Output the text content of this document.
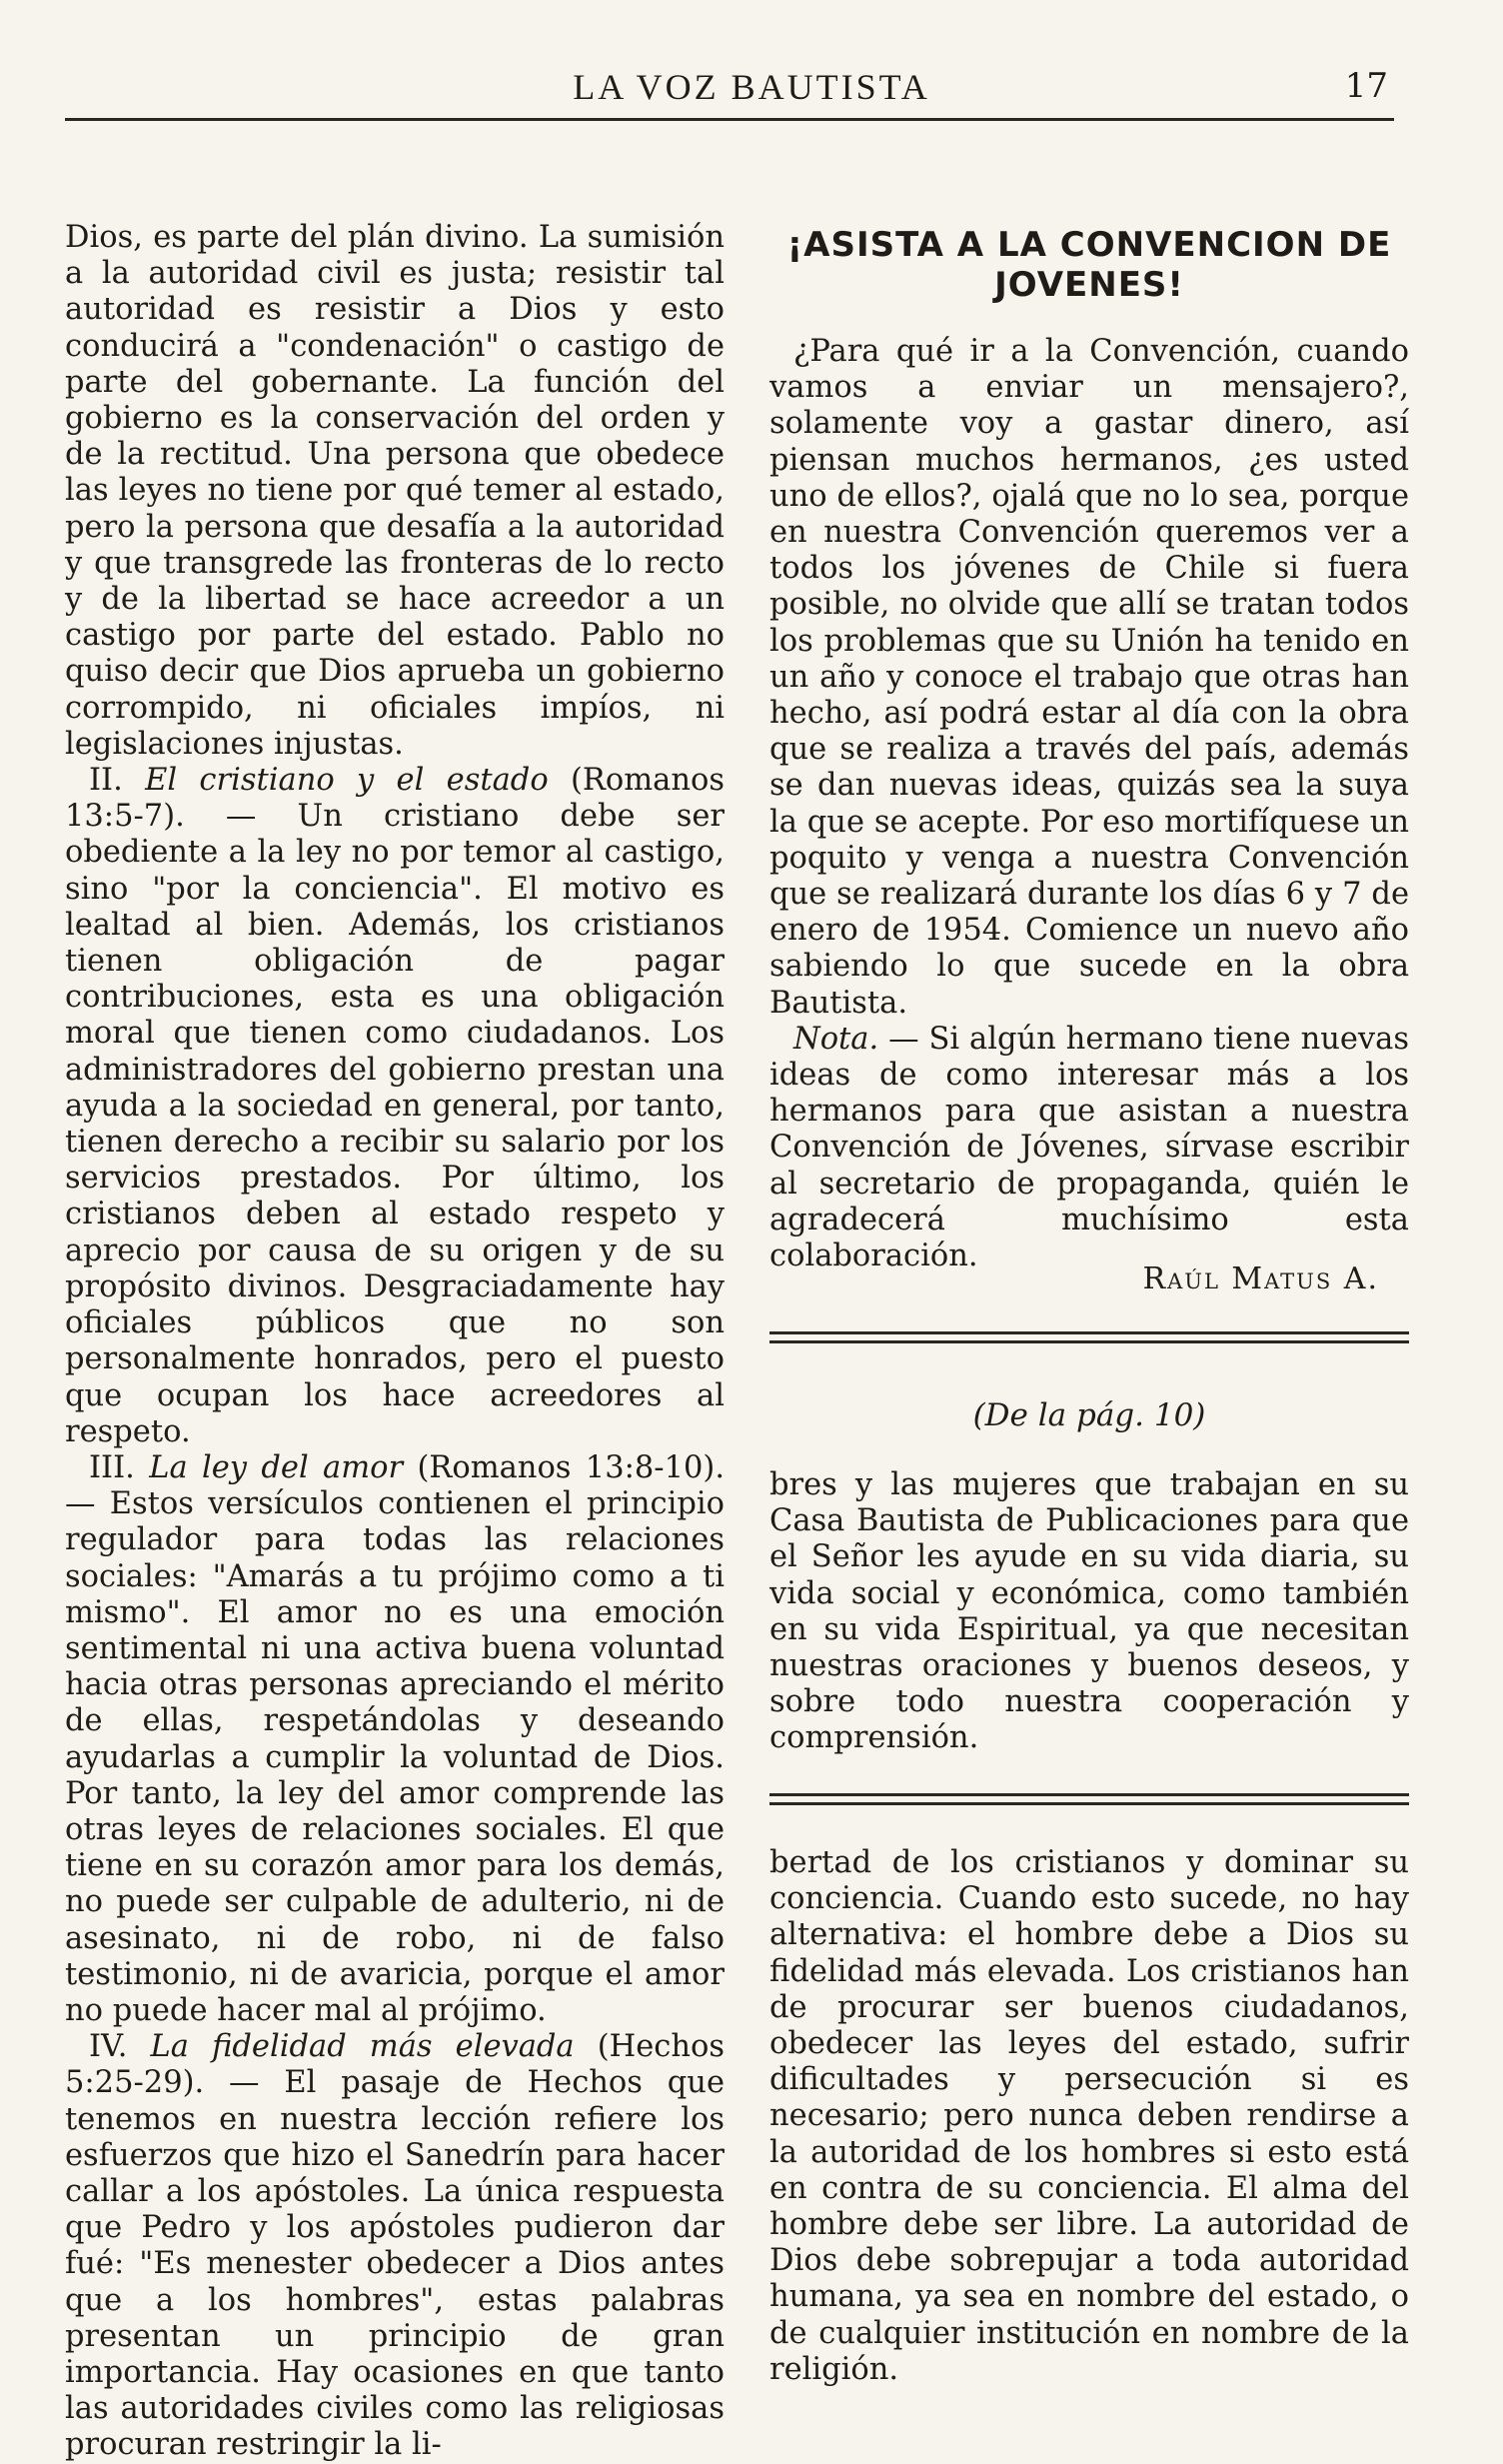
LA VOZ BAUTISTA	17

Dios, es parte del plán divino. La sumisión a la autoridad civil es justa; resistir tal autoridad es resistir a Dios y esto conducirá a "condenación" o castigo de parte del gobernante. La función del gobierno es la conservación del orden y de la rectitud. Una persona que obedece las leyes no tiene por qué temer al estado, pero la persona que desafía a la autoridad y que transgrede las fronteras de lo recto y de la libertad se hace acreedor a un castigo por parte del estado. Pablo no quiso decir que Dios aprueba un gobierno corrompido, ni oficiales impíos, ni legislaciones injustas.

II. El cristiano y el estado (Romanos 13:5-7). — Un cristiano debe ser obediente a la ley no por temor al castigo, sino "por la conciencia". El motivo es lealtad al bien. Además, los cristianos tienen obligación de pagar contribuciones, esta es una obligación moral que tienen como ciudadanos. Los administradores del gobierno prestan una ayuda a la sociedad en general, por tanto, tienen derecho a recibir su salario por los servicios prestados. Por último, los cristianos deben al estado respeto y aprecio por causa de su origen y de su propósito divinos. Desgraciadamente hay oficiales públicos que no son personalmente honrados, pero el puesto que ocupan los hace acreedores al respeto.

III. La ley del amor (Romanos 13:8-10). — Estos versículos contienen el principio regulador para todas las relaciones sociales: "Amarás a tu prójimo como a ti mismo". El amor no es una emoción sentimental ni una activa buena voluntad hacia otras personas apreciando el mérito de ellas, respetándolas y deseando ayudarlas a cumplir la voluntad de Dios. Por tanto, la ley del amor comprende las otras leyes de relaciones sociales. El que tiene en su corazón amor para los demás, no puede ser culpable de adulterio, ni de asesinato, ni de robo, ni de falso testimonio, ni de avaricia, porque el amor no puede hacer mal al prójimo.

IV. La fidelidad más elevada (Hechos 5:25-29). — El pasaje de Hechos que tenemos en nuestra lección refiere los esfuerzos que hizo el Sanedrín para hacer callar a los apóstoles. La única respuesta que Pedro y los apóstoles pudieron dar fué: "Es menester obedecer a Dios antes que a los hombres", estas palabras presentan un principio de gran importancia. Hay ocasiones en que tanto las autoridades civiles como las religiosas procuran restringir la li-

¡ASISTA A LA CONVENCION DE JOVENES!

¿Para qué ir a la Convención, cuando vamos a enviar un mensajero?, solamente voy a gastar dinero, así piensan muchos hermanos, ¿es usted uno de ellos?, ojalá que no lo sea, porque en nuestra Convención queremos ver a todos los jóvenes de Chile si fuera posible, no olvide que allí se tratan todos los problemas que su Unión ha tenido en un año y conoce el trabajo que otras han hecho, así podrá estar al día con la obra que se realiza a través del país, además se dan nuevas ideas, quizás sea la suya la que se acepte. Por eso mortifíquese un poquito y venga a nuestra Convención que se realizará durante los días 6 y 7 de enero de 1954. Comience un nuevo año sabiendo lo que sucede en la obra Bautista.

Nota. — Si algún hermano tiene nuevas ideas de como interesar más a los hermanos para que asistan a nuestra Convención de Jóvenes, sírvase escribir al secretario de propaganda, quién le agradecerá muchísimo esta colaboración.

Raúl Matus A.
(De la pág. 10)

bres y las mujeres que trabajan en su Casa Bautista de Publicaciones para que el Señor les ayude en su vida diaria, su vida social y económica, como también en su vida Espiritual, ya que necesitan nuestras oraciones y buenos deseos, y sobre todo nuestra cooperación y comprensión.

bertad de los cristianos y dominar su conciencia. Cuando esto sucede, no hay alternativa: el hombre debe a Dios su fidelidad más elevada. Los cristianos han de procurar ser buenos ciudadanos, obedecer las leyes del estado, sufrir dificultades y persecución si es necesario; pero nunca deben rendirse a la autoridad de los hombres si esto está en contra de su conciencia. El alma del hombre debe ser libre. La autoridad de Dios debe sobrepujar a toda autoridad humana, ya sea en nombre del estado, o de cualquier institución en nombre de la religión.
